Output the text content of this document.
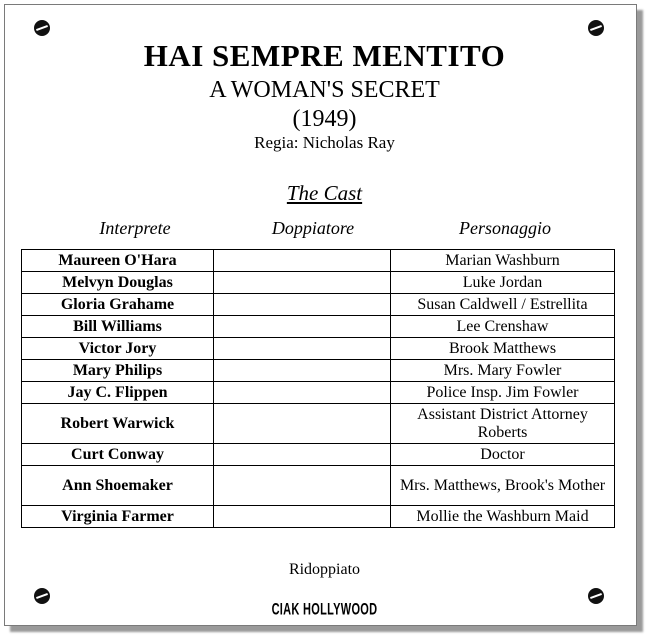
HAI SEMPRE MENTITO
A WOMAN'S SECRET
(1949)
Regia: Nicholas Ray
The Cast
Interprete	Doppiatore	Personaggio
Maureen O'Hara		Marian Washburn
Melvyn Douglas		Luke Jordan
Gloria Grahame		Susan Caldwell / Estrellita
Bill Williams		Lee Crenshaw
Victor Jory		Brook Matthews
Mary Philips		Mrs. Mary Fowler
Jay C. Flippen		Police Insp. Jim Fowler
Robert Warwick		Assistant District Attorney Roberts
Curt Conway		Doctor
Ann Shoemaker		Mrs. Matthews, Brook's Mother
Virginia Farmer		Mollie the Washburn Maid
Ridoppiato
CIAK HOLLYWOOD
